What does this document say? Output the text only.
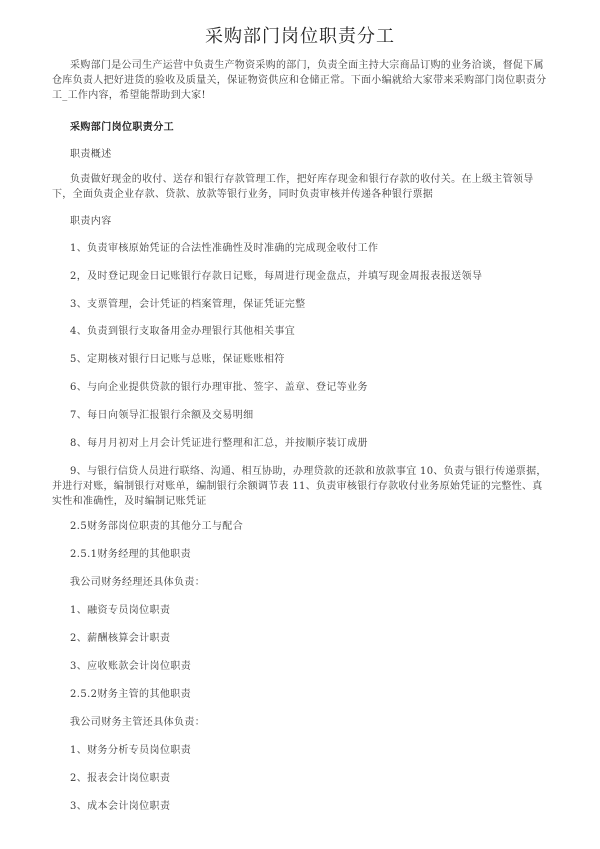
采购部门岗位职责分工
采购部门是公司生产运营中负责生产物资采购的部门，负责全面主持大宗商品订购的业务洽谈，督促下属仓库负责人把好进货的验收及质量关，保证物资供应和仓储正常。下面小编就给大家带来采购部门岗位职责分工_工作内容，希望能帮助到大家!
采购部门岗位职责分工
职责概述
负责做好现金的收付、送存和银行存款管理工作，把好库存现金和银行存款的收付关。在上级主管领导下，全面负责企业存款、贷款、放款等银行业务，同时负责审核并传递各种银行票据
职责内容
1、负责审核原始凭证的合法性准确性及时准确的完成现金收付工作
2，及时登记现金日记账银行存款日记账，每周进行现金盘点，并填写现金周报表报送领导
3、支票管理，会计凭证的档案管理，保证凭证完整
4、负责到银行支取备用金办理银行其他相关事宜
5、定期核对银行日记账与总账，保证账账相符
6、与向企业提供贷款的银行办理审批、签字、盖章、登记等业务
7、每日向领导汇报银行余额及交易明细
8、每月月初对上月会计凭证进行整理和汇总，并按顺序装订成册
9、与银行信贷人员进行联络、沟通、相互协助，办理贷款的还款和放款事宜 10、负责与银行传递票据，并进行对账，编制银行对账单，编制银行余额调节表 11、负责审核银行存款收付业务原始凭证的完整性、真实性和准确性，及时编制记账凭证
2.5财务部岗位职责的其他分工与配合
2.5.1财务经理的其他职责
我公司财务经理还具体负责：
1、融资专员岗位职责
2、薪酬核算会计职责
3、应收账款会计岗位职责
2.5.2财务主管的其他职责
我公司财务主管还具体负责：
1、财务分析专员岗位职责
2、报表会计岗位职责
3、成本会计岗位职责
